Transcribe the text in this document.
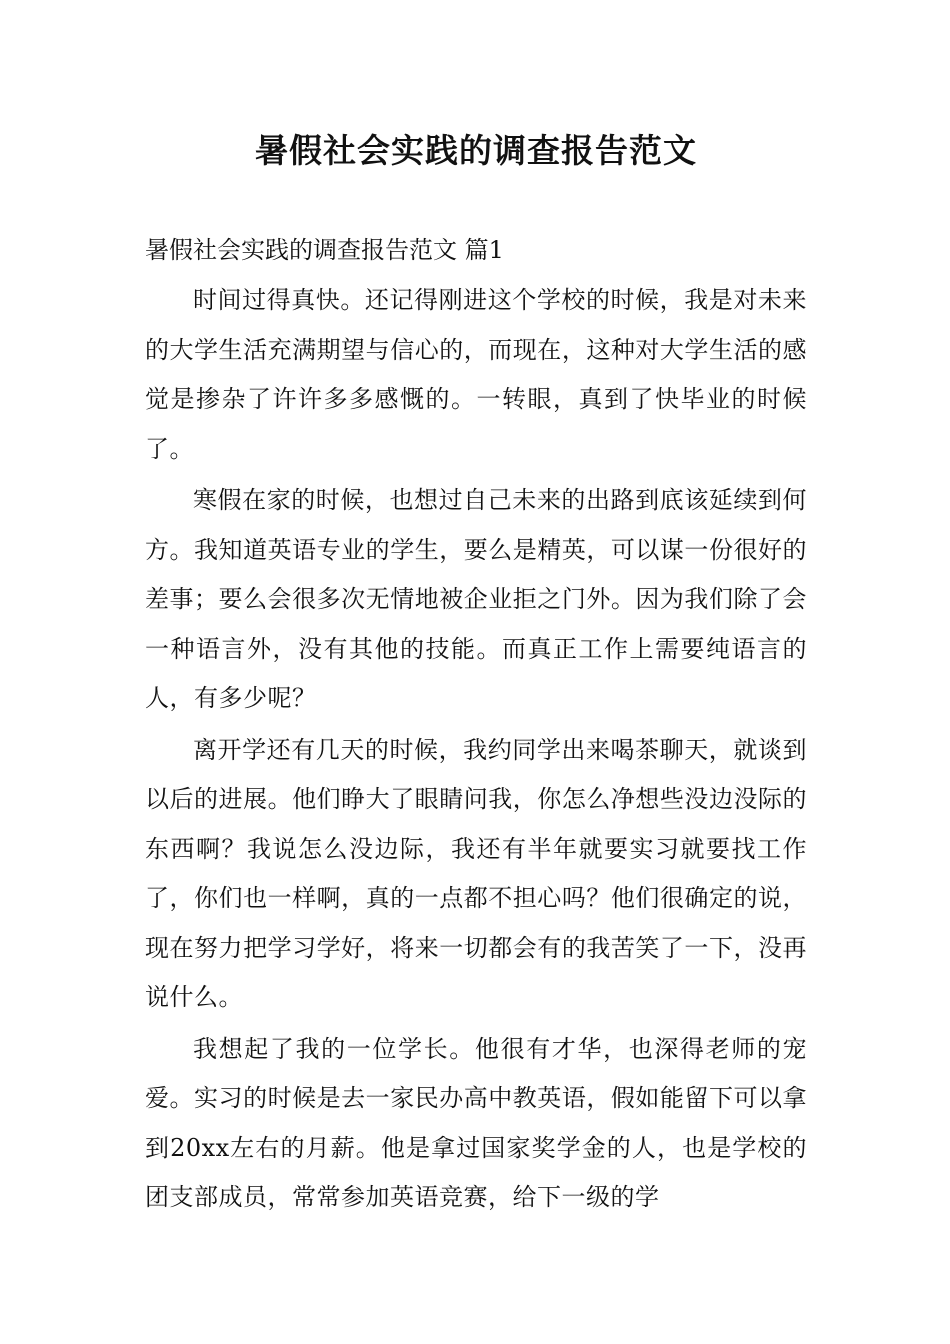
暑假社会实践的调查报告范文

暑假社会实践的调查报告范文 篇1

时间过得真快。还记得刚进这个学校的时候，我是对未来的大学生活充满期望与信心的，而现在，这种对大学生活的感觉是掺杂了许许多多感慨的。一转眼，真到了快毕业的时候了。

寒假在家的时候，也想过自己未来的出路到底该延续到何方。我知道英语专业的学生，要么是精英，可以谋一份很好的差事；要么会很多次无情地被企业拒之门外。因为我们除了会一种语言外，没有其他的技能。而真正工作上需要纯语言的人，有多少呢？

离开学还有几天的时候，我约同学出来喝茶聊天，就谈到以后的进展。他们睁大了眼睛问我，你怎么净想些没边没际的东西啊？我说怎么没边际，我还有半年就要实习就要找工作了，你们也一样啊，真的一点都不担心吗？他们很确定的说，现在努力把学习学好，将来一切都会有的我苦笑了一下，没再说什么。

我想起了我的一位学长。他很有才华，也深得老师的宠爱。实习的时候是去一家民办高中教英语，假如能留下可以拿到20xx左右的月薪。他是拿过国家奖学金的人，也是学校的团支部成员，常常参加英语竞赛，给下一级的学
